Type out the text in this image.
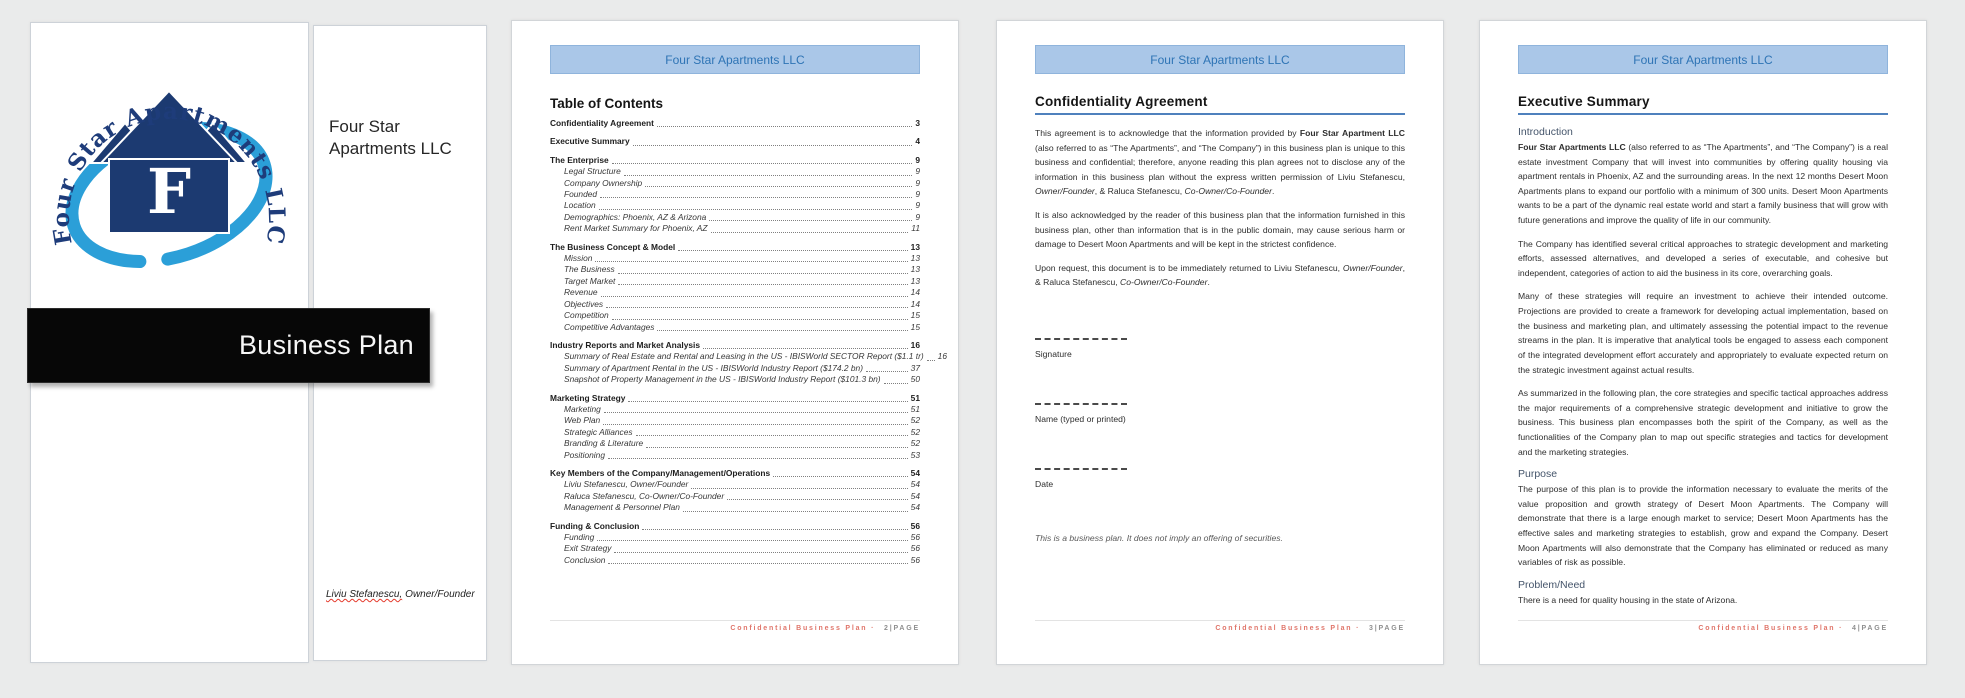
F
Four Star Apartments LLC
Four Star
Apartments LLC
Liviu Stefanescu, Owner/Founder
Business Plan
Four Star Apartments LLC
Table of Contents
Confidentiality Agreement	3
Executive Summary	4
The Enterprise	9
Legal Structure	9
Company Ownership	9
Founded	9
Location	9
Demographics: Phoenix, AZ & Arizona	9
Rent Market Summary for Phoenix, AZ	11
The Business Concept & Model	13
Mission	13
The Business	13
Target Market	13
Revenue	14
Objectives	14
Competition	15
Competitive Advantages	15
Industry Reports and Market Analysis	16
Summary of Real Estate and Rental and Leasing in the US - IBISWorld SECTOR Report ($1.1 tr) 16
Summary of Apartment Rental in the US - IBISWorld Industry Report ($174.2 bn)	37
Snapshot of Property Management in the US - IBISWorld Industry Report ($101.3 bn)	50
Marketing Strategy	51
Marketing	51
Web Plan	52
Strategic Alliances	52
Branding & Literature	52
Positioning	53
Key Members of the Company/Management/Operations	54
Liviu Stefanescu, Owner/Founder	54
Raluca Stefanescu, Co-Owner/Co-Founder	54
Management & Personnel Plan	54
Funding & Conclusion	56
Funding	56
Exit Strategy	56
Conclusion	56
Confidential Business Plan · 2|PAGE
Four Star Apartments LLC
Confidentiality Agreement

This agreement is to acknowledge that the information provided by Four Star Apartment LLC (also referred to as “The Apartments”, and “The Company”) in this business plan is unique to this business and confidential; therefore, anyone reading this plan agrees not to disclose any of the information in this business plan without the express written permission of Liviu Stefanescu, Owner/Founder, & Raluca Stefanescu, Co-Owner/Co-Founder.

It is also acknowledged by the reader of this business plan that the information furnished in this business plan, other than information that is in the public domain, may cause serious harm or damage to Desert Moon Apartments and will be kept in the strictest confidence.

Upon request, this document is to be immediately returned to Liviu Stefanescu, Owner/Founder, & Raluca Stefanescu, Co-Owner/Co-Founder.

Signature
Name (typed or printed)
Date

This is a business plan. It does not imply an offering of securities.

Confidential Business Plan · 3|PAGE
Four Star Apartments LLC
Executive Summary
Introduction

Four Star Apartments LLC (also referred to as “The Apartments”, and “The Company”) is a real estate investment Company that will invest into communities by offering quality housing via apartment rentals in Phoenix, AZ and the surrounding areas. In the next 12 months Desert Moon Apartments plans to expand our portfolio with a minimum of 300 units. Desert Moon Apartments wants to be a part of the dynamic real estate world and start a family business that will grow with future generations and improve the quality of life in our community.

The Company has identified several critical approaches to strategic development and marketing efforts, assessed alternatives, and developed a series of executable, and cohesive but independent, categories of action to aid the business in its core, overarching goals.

Many of these strategies will require an investment to achieve their intended outcome. Projections are provided to create a framework for developing actual implementation, based on the business and marketing plan, and ultimately assessing the potential impact to the revenue streams in the plan. It is imperative that analytical tools be engaged to assess each component of the integrated development effort accurately and appropriately to evaluate expected return on the strategic investment against actual results.

As summarized in the following plan, the core strategies and specific tactical approaches address the major requirements of a comprehensive strategic development and initiative to grow the business. This business plan encompasses both the spirit of the Company, as well as the functionalities of the Company plan to map out specific strategies and tactics for development and the marketing strategies.

Purpose

The purpose of this plan is to provide the information necessary to evaluate the merits of the value proposition and growth strategy of Desert Moon Apartments. The Company will demonstrate that there is a large enough market to service; Desert Moon Apartments has the effective sales and marketing strategies to establish, grow and expand the Company. Desert Moon Apartments will also demonstrate that the Company has eliminated or reduced as many variables of risk as possible.

Problem/Need

There is a need for quality housing in the state of Arizona.

Confidential Business Plan · 4|PAGE
